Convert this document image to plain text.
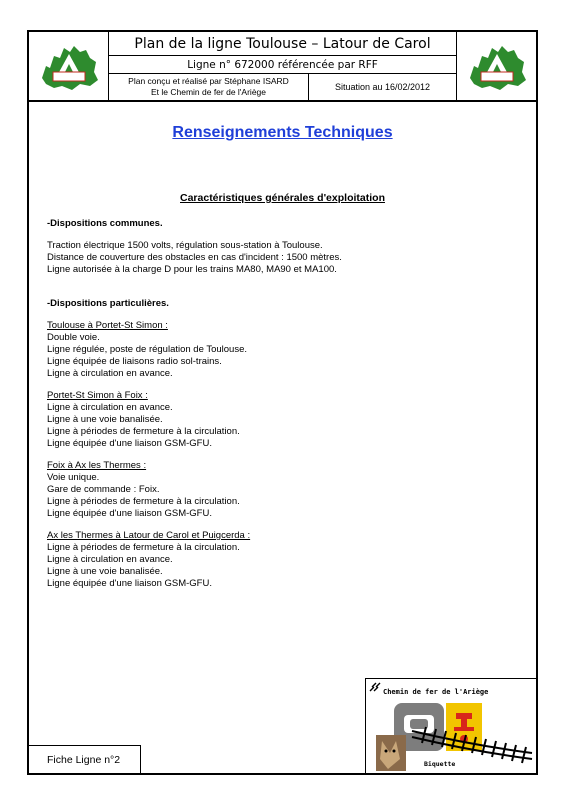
Plan de la ligne Toulouse – Latour de Carol
Ligne n° 672000 référencée par RFF
Plan conçu et réalisé par Stéphane ISARD
Et le Chemin de fer de l'Ariège	Situation au 16/02/2012
Renseignements Techniques
Caractéristiques générales d'exploitation
-Dispositions communes.
Traction électrique 1500 volts, régulation sous-station à Toulouse.
Distance de couverture des obstacles en cas d'incident : 1500 mètres.
Ligne autorisée à la charge D pour les trains MA80, MA90 et MA100.
-Dispositions particulières.
Toulouse à Portet-St Simon :
Double voie.
Ligne régulée, poste de régulation de Toulouse.
Ligne équipée de liaisons radio sol-trains.
Ligne à circulation en avance.
Portet-St Simon à Foix :
Ligne à circulation en avance.
Ligne à une voie banalisée.
Ligne à périodes de fermeture à la circulation.
Ligne équipée d'une liaison GSM-GFU.
Foix à Ax les Thermes :
Voie unique.
Gare de commande : Foix.
Ligne à périodes de fermeture à la circulation.
Ligne équipée d'une liaison GSM-GFU.
Ax les Thermes à Latour de Carol et Puigcerda :
Ligne à périodes de fermeture à la circulation.
Ligne à circulation en avance.
Ligne à une voie banalisée.
Ligne équipée d'une liaison GSM-GFU.
Fiche Ligne n°2
Chemin de fer de l'Ariège
Biquette
